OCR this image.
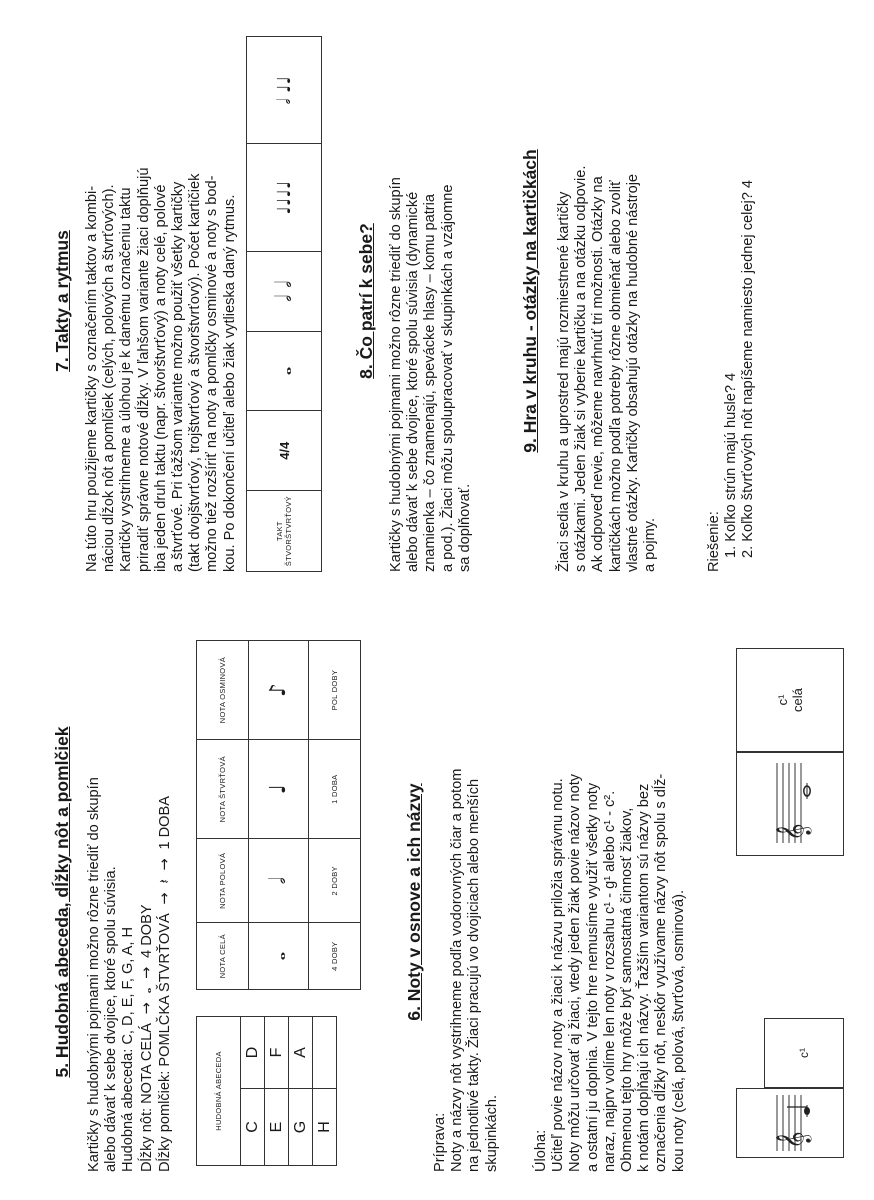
5. Hudobná abeceda, dĺžky nôt a pomlčiek Kartičky s hudobnými pojmami možno rôzne triediť do skupín alebo dávať k sebe dvojice, ktoré spolu súvisia. Hudobná abeceda: C, D, E, F, G, A, H Dĺžky nôt: NOTA CELÁ  →  𝅝  →  4 DOBY Dĺžky pomlčiek: POMLČKA ŠTVRŤOVÁ  →  𝄽  →  1 DOBA
HUDOBNÁ ABECEDA	
C	D
E	F
G	A
H	
NOTA CELÁ	NOTA POLOVÁ	NOTA ŠTVRŤOVÁ	NOTA OSMINOVÁ
𝅝	𝅗𝅥	♩	♪
4 DOBY	2 DOBY	1 DOBA	POL DOBY
6. Noty v osnove a ich názvy
Príprava: Noty a názvy nôt vystrihneme podľa vodorovných čiar a potom na jednotlivé takty. Žiaci pracujú vo dvojiciach alebo menších skupinkách. Úloha: Učiteľ povie názov noty a žiaci k názvu priložia správnu notu. Noty môžu určovať aj žiaci, vtedy jeden žiak povie názov noty a ostatní ju doplnia. V tejto hre nemusíme využiť všetky noty naraz, najprv volíme len noty v rozsahu c¹ - g¹ alebo c¹ - c². Obmenou tejto hry môže byť samostatná činnosť žiakov, k notám dopĺňajú ich názvy. Ťažším variantom sú názvy bez označenia dĺžky nôt, neskôr využívame názvy nôt spolu s dĺž- kou noty (celá, polová, štvrťová, osminová).	𝄞
c¹
𝄞
c¹ celá
7. Takty a rytmus Na túto hru použijeme kartičky s označením taktov a kombi- náciou dĺžok nôt a pomlčiek (celých, polových a štvrťových). Kartičky vystrihneme a úlohou je k danému označeniu taktu priradiť správne notové dĺžky. V ľahšom variante žiaci doplňujú iba jeden druh taktu (napr. štvorštvrťový) a noty celé, polové a štvrťové. Pri ťažšom variante možno použiť všetky kartičky (takt dvojštvrťový, trojštvrťový a štvorštvrťový). Počet kartičiek možno tiež rozšíriť na noty a pomlčky osminové a noty s bod- kou. Po dokončení učiteľ alebo žiak vytlieska daný rytmus.	TAKT ŠTVORŠTVRŤOVÝ	4/4	𝅝	𝅗𝅥 𝅗𝅥	♩♩♩♩	𝅗𝅥 ♩♩
8. Čo patrí k sebe? Kartičky s hudobnými pojmami možno rôzne triediť do skupín alebo dávať k sebe dvojice, ktoré spolu súvisia (dynamické znamienka – čo znamenajú, speváckе hlasy – komu patria a pod.). Žiaci môžu spolupracovať v skupinkách a vzájomne sa doplňovať.
9. Hra v kruhu - otázky na kartičkách Žiaci sedia v kruhu a uprostred majú rozmiestnené kartičky s otázkami. Jeden žiak si vyberie kartičku a na otázku odpovie. Ak odpoveď nevie, môžeme navrhnúť tri možnosti. Otázky na kartičkách možno podľa potreby rôzne obmieňať alebo zvoliť vlastné otázky. Kartičky obsahujú otázky na hudobné nástroje a pojmy.	Riešenie: 1. Koľko strún majú husle? 4 2. Koľko štvrťových nôt napíšeme namiesto jednej celej? 4
